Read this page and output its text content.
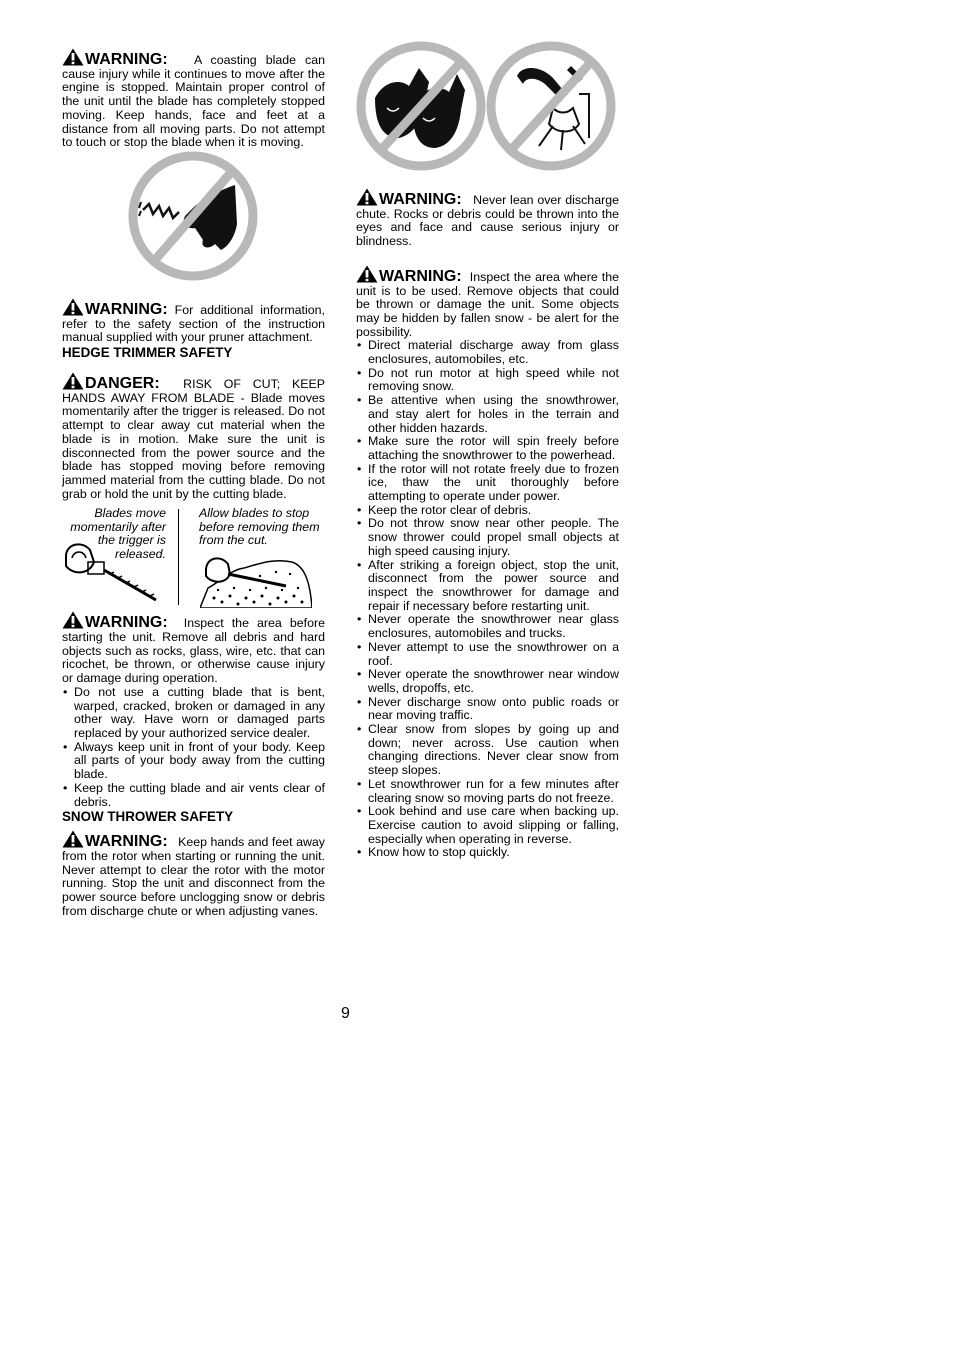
WARNING: A coasting blade can cause injury while it continues to move after the engine is stopped. Maintain proper control of the unit until the blade has completely stopped moving. Keep hands, face and feet at a distance from all moving parts. Do not attempt to touch or stop the blade when it is moving.

WARNING: For additional information, refer to the safety section of the instruction manual supplied with your pruner attachment.

HEDGE TRIMMER SAFETY

DANGER: RISK OF CUT; KEEP HANDS AWAY FROM BLADE - Blade moves momentarily after the trigger is released. Do not attempt to clear away cut material when the blade is in motion. Make sure the unit is disconnected from the power source and the blade has stopped moving before removing jammed material from the cutting blade. Do not grab or hold the unit by the cutting blade.

WARNING: Inspect the area before starting the unit. Remove all debris and hard objects such as rocks, glass, wire, etc. that can ricochet, be thrown, or otherwise cause injury or damage during operation.

• Do not use a cutting blade that is bent, warped, cracked, broken or damaged in any other way. Have worn or damaged parts replaced by your authorized service dealer.
• Always keep unit in front of your body. Keep all parts of your body away from the cutting blade.
• Keep the cutting blade and air vents clear of debris.

SNOW THROWER SAFETY

WARNING: Keep hands and feet away from the rotor when starting or running the unit. Never attempt to clear the rotor with the motor running. Stop the unit and disconnect from the power source before unclogging snow or debris from discharge chute or when adjusting vanes.

Blades move momentarily after the trigger is released.
Allow blades to stop before removing them from the cut.

WARNING: Never lean over discharge chute. Rocks or debris could be thrown into the eyes and face and cause serious injury or blindness.

WARNING: Inspect the area where the unit is to be used. Remove objects that could be thrown or damage the unit. Some objects may be hidden by fallen snow - be alert for the possibility.

• Direct material discharge away from glass enclosures, automobiles, etc.
• Do not run motor at high speed while not removing snow.
• Be attentive when using the snowthrower, and stay alert for holes in the terrain and other hidden hazards.
• Make sure the rotor will spin freely before attaching the snowthrower to the powerhead.
• If the rotor will not rotate freely due to frozen ice, thaw the unit thoroughly before attempting to operate under power.
• Keep the rotor clear of debris.
• Do not throw snow near other people. The snow thrower could propel small objects at high speed causing injury.
• After striking a foreign object, stop the unit, disconnect from the power source and inspect the snowthrower for damage and repair if necessary before restarting unit.
• Never operate the snowthrower near glass enclosures, automobiles and trucks.
• Never attempt to use the snowthrower on a roof.
• Never operate the snowthrower near window wells, dropoffs, etc.
• Never discharge snow onto public roads or near moving traffic.
• Clear snow from slopes by going up and down; never across. Use caution when changing directions. Never clear snow from steep slopes.
• Let snowthrower run for a few minutes after clearing snow so moving parts do not freeze.
• Look behind and use care when backing up. Exercise caution to avoid slipping or falling, especially when operating in reverse.
• Know how to stop quickly.
9
